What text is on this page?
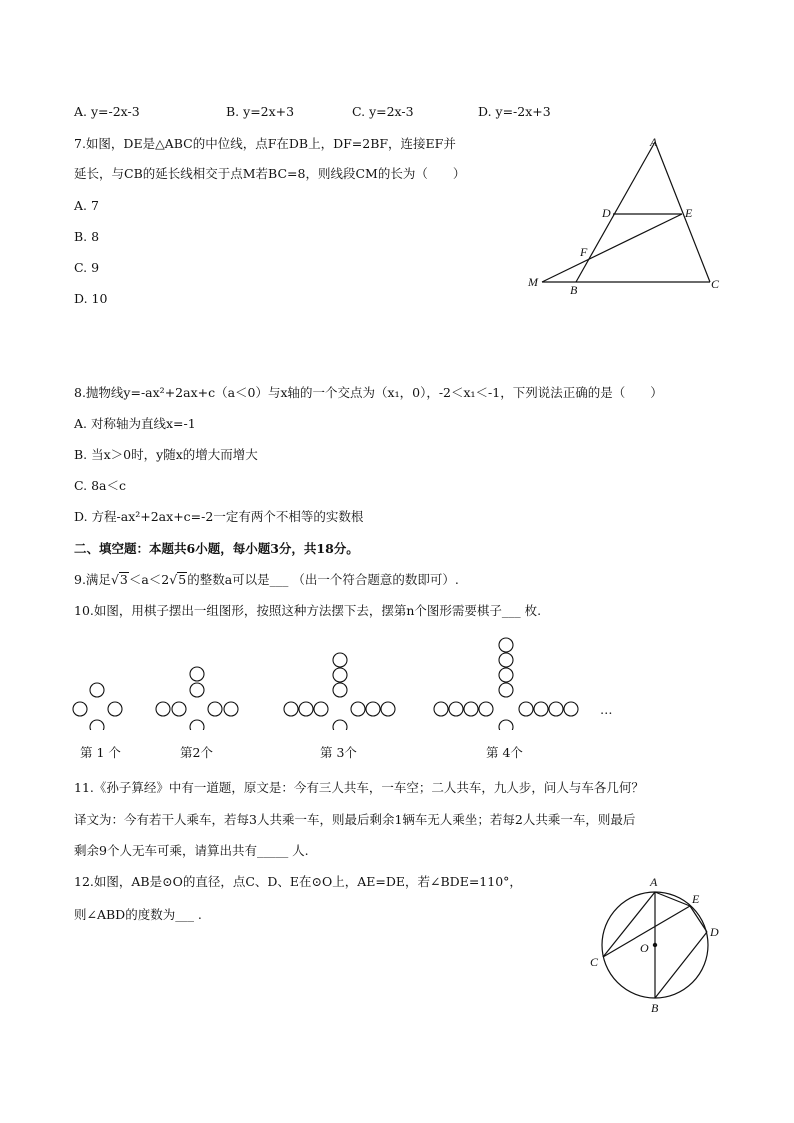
A. y=-2x-3	B. y=2x+3	C. y=2x-3	D. y=-2x+3
7.如图，DE是△ABC的中位线，点F在DB上，DF=2BF，连接EF并
延长，与CB的延长线相交于点M若BC=8，则线段CM的长为（　　）
A. 7
B. 8
C. 9
D. 10
A
D	E
F
M
B	C
8.抛物线y=-ax²+2ax+c（a＜0）与x轴的一个交点为（x₁，0），-2＜x₁＜-1，下列说法正确的是（　　）
A. 对称轴为直线x=-1
B. 当x＞0时，y随x的增大而增大
C. 8a＜c
D. 方程-ax²+2ax+c=-2一定有两个不相等的实数根
二、填空题：本题共6小题，每小题3分，共18分。
9.满足√3＜a＜2√5的整数a可以是___ （出一个符合题意的数即可）.
10.如图，用棋子摆出一组图形，按照这种方法摆下去，摆第n个图形需要棋子___ 枚.
…
第 1 个	第2个	第 3个	第 4个
11.《孙子算经》中有一道题，原文是：今有三人共车，一车空；二人共车，九人步，问人与车各几何？
译文为：今有若干人乘车，若每3人共乘一车，则最后剩余1辆车无人乘坐；若每2人共乘一车，则最后
剩余9个人无车可乘，请算出共有_____ 人.
12.如图，AB是⊙O的直径，点C、D、E在⊙O上，AE=DE，若∠BDE=110°，
则∠ABD的度数为___ .
A
E
D
O
C
B
